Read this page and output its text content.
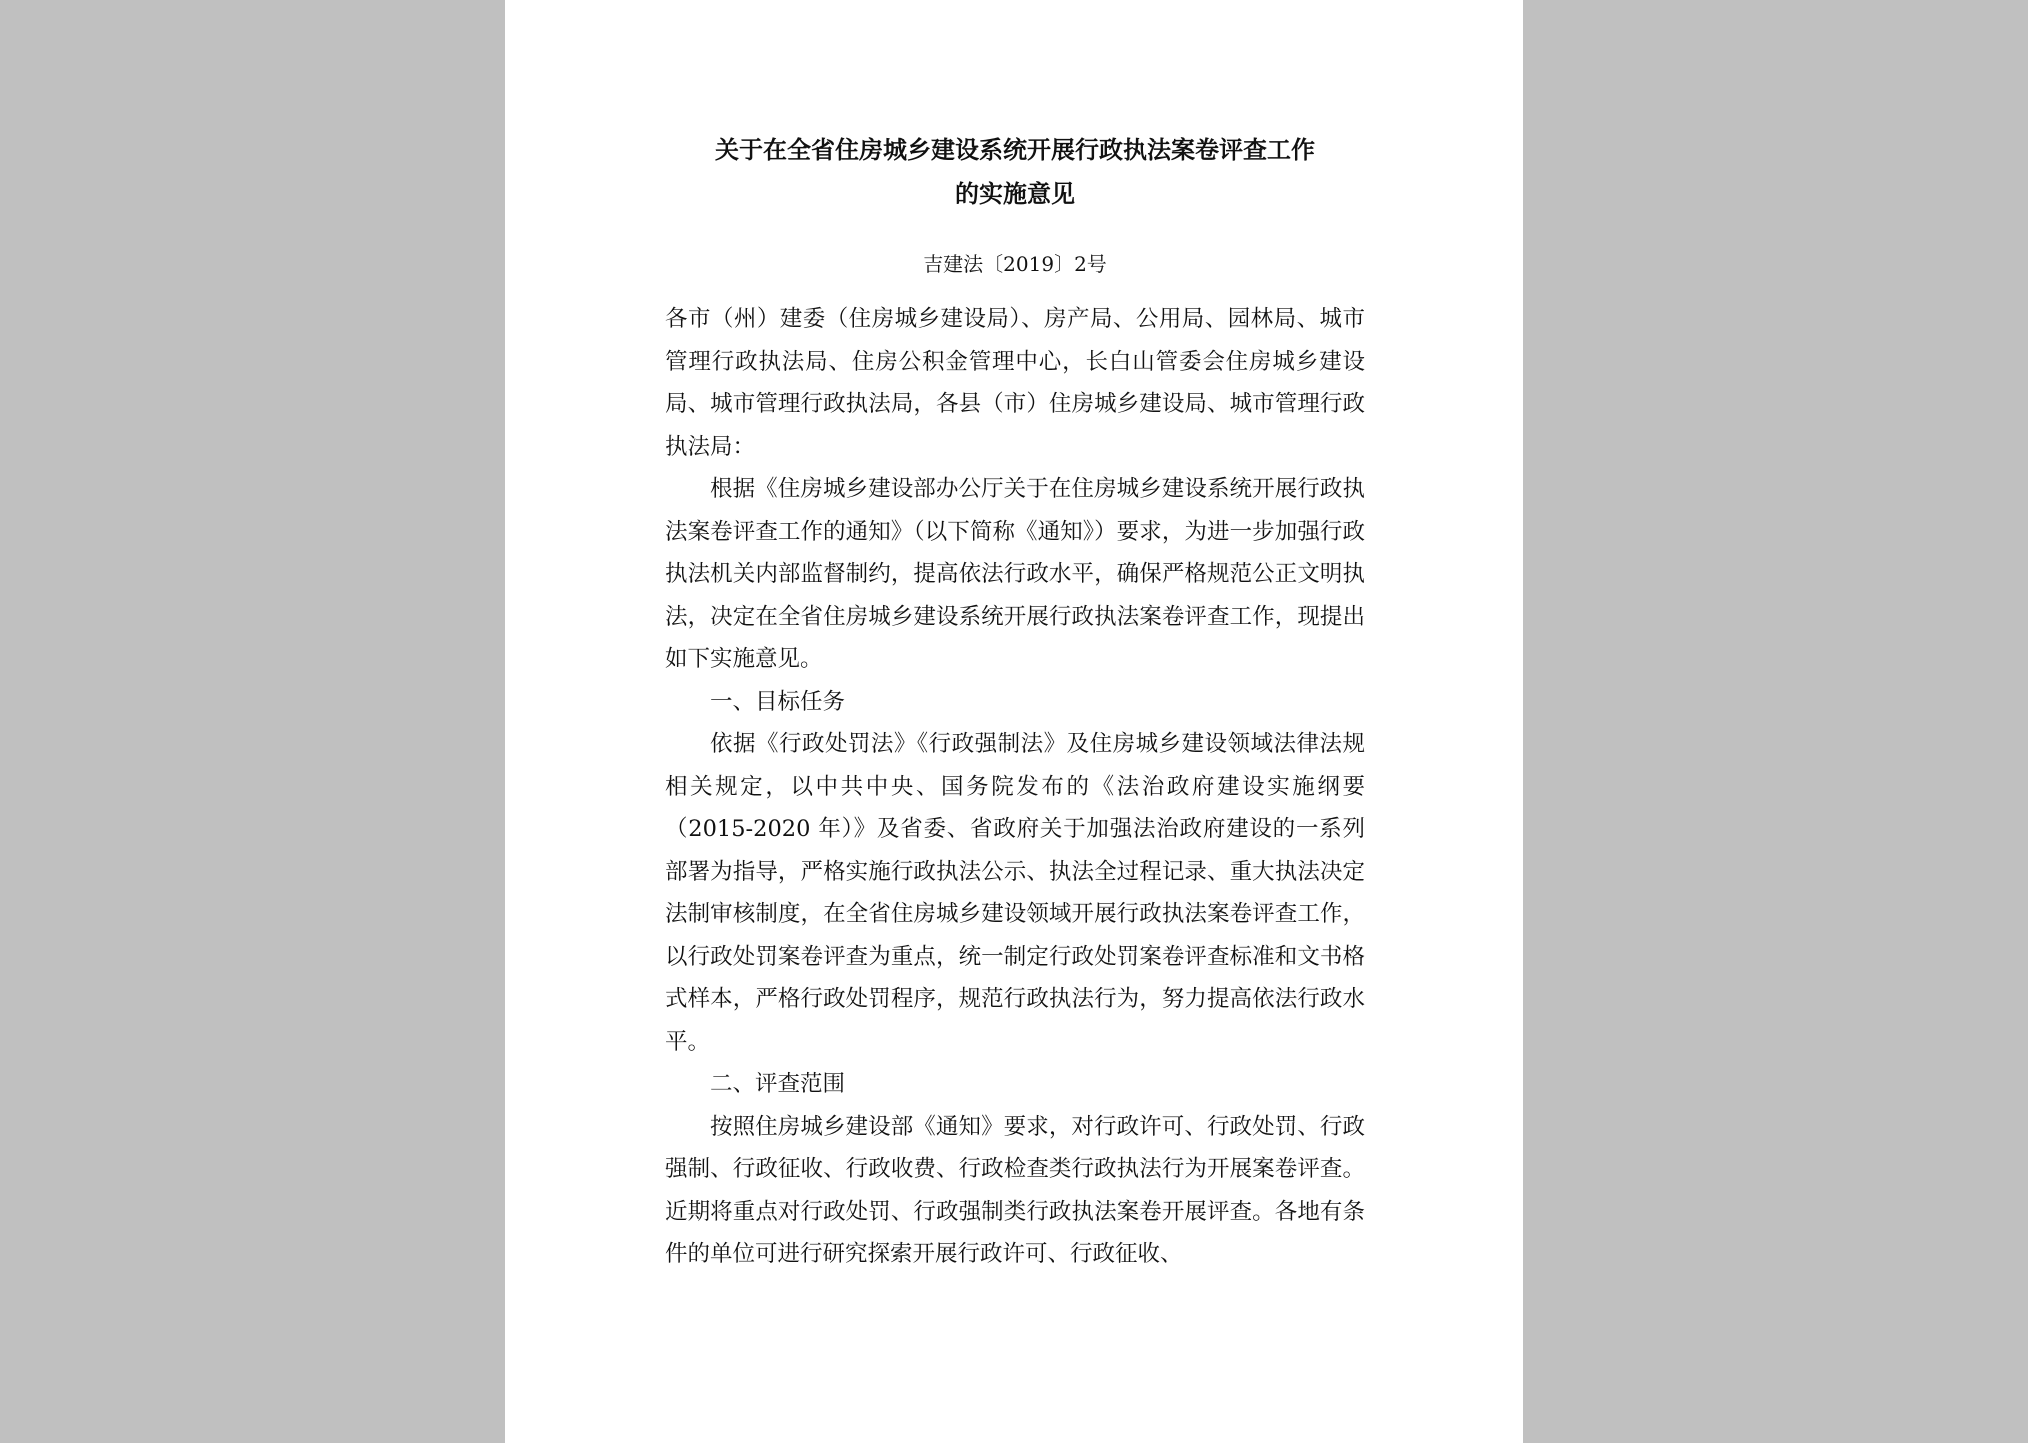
关于在全省住房城乡建设系统开展行政执法案卷评查工作
的实施意见
吉建法〔2019〕2号

各市（州）建委（住房城乡建设局）、房产局、公用局、园林局、城市管理行政执法局、住房公积金管理中心，长白山管委会住房城乡建设局、城市管理行政执法局，各县（市）住房城乡建设局、城市管理行政执法局：

根据《住房城乡建设部办公厅关于在住房城乡建设系统开展行政执法案卷评查工作的通知》（以下简称《通知》）要求，为进一步加强行政执法机关内部监督制约，提高依法行政水平，确保严格规范公正文明执法，决定在全省住房城乡建设系统开展行政执法案卷评查工作，现提出如下实施意见。

一、目标任务

依据《行政处罚法》《行政强制法》及住房城乡建设领域法律法规相关规定，以中共中央、国务院发布的《法治政府建设实施纲要（2015-2020 年）》及省委、省政府关于加强法治政府建设的一系列部署为指导，严格实施行政执法公示、执法全过程记录、重大执法决定法制审核制度，在全省住房城乡建设领域开展行政执法案卷评查工作，以行政处罚案卷评查为重点，统一制定行政处罚案卷评查标准和文书格式样本，严格行政处罚程序，规范行政执法行为，努力提高依法行政水平。

二、评查范围

按照住房城乡建设部《通知》要求，对行政许可、行政处罚、行政强制、行政征收、行政收费、行政检查类行政执法行为开展案卷评查。近期将重点对行政处罚、行政强制类行政执法案卷开展评查。各地有条件的单位可进行研究探索开展行政许可、行政征收、
